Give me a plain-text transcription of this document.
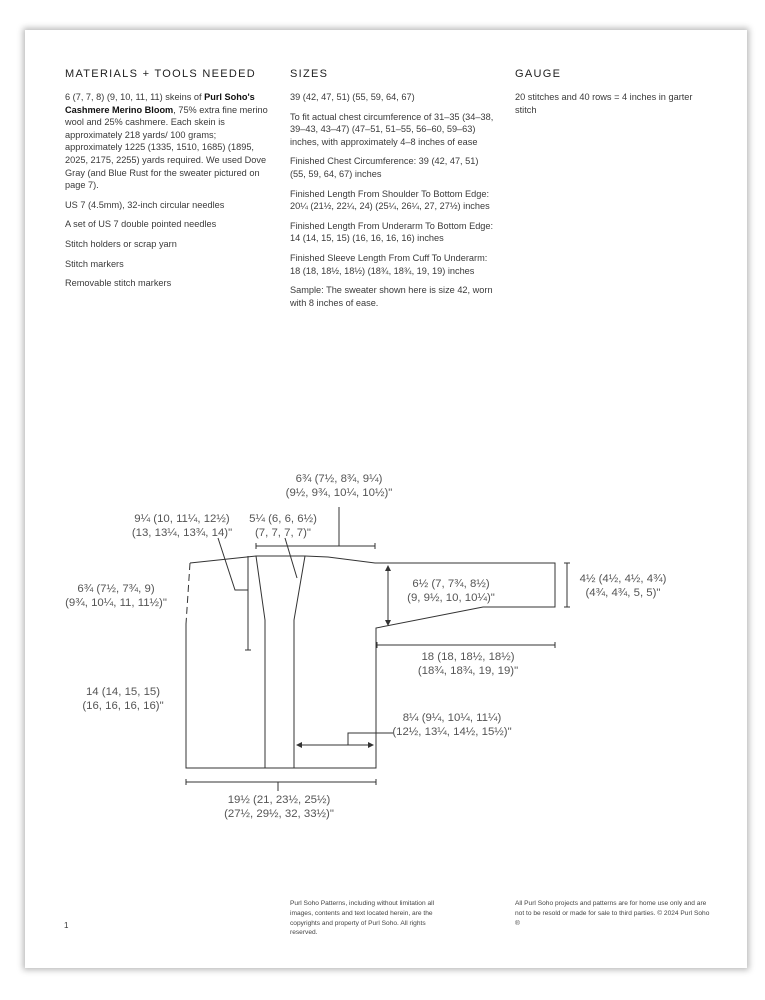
MATERIALS + TOOLS NEEDED
6 (7, 7, 8) (9, 10, 11, 11) skeins of Purl Soho's Cashmere Merino Bloom, 75% extra fine merino wool and 25% cashmere. Each skein is approximately 218 yards/ 100 grams; approximately 1225 (1335, 1510, 1685) (1895, 2025, 2175, 2255) yards required. We used Dove Gray (and Blue Rust for the sweater pictured on page 7).
US 7 (4.5mm), 32-inch circular needles
A set of US 7 double pointed needles
Stitch holders or scrap yarn
Stitch markers
Removable stitch markers
SIZES
39 (42, 47, 51) (55, 59, 64, 67)
To fit actual chest circumference of 31–35 (34–38, 39–43, 43–47) (47–51, 51–55, 56–60, 59–63) inches, with approximately 4–8 inches of ease
Finished Chest Circumference: 39 (42, 47, 51) (55, 59, 64, 67) inches
Finished Length From Shoulder To Bottom Edge: 20¼ (21½, 22¼, 24) (25¼, 26¼, 27, 27½) inches
Finished Length From Underarm To Bottom Edge: 14 (14, 15, 15) (16, 16, 16, 16) inches
Finished Sleeve Length From Cuff To Underarm: 18 (18, 18½, 18½) (18¾, 18¾, 19, 19) inches
Sample: The sweater shown here is size 42, worn with 8 inches of ease.
GAUGE
20 stitches and 40 rows = 4 inches in garter stitch
6¾ (7½, 8¾, 9¼)
(9½, 9¾, 10¼, 10½)"
9¼ (10, 11¼, 12½)
(13, 13¼, 13¾, 14)"
5¼ (6, 6, 6½)
(7, 7, 7, 7)"
6¾ (7½, 7¾, 9)
(9¾, 10¼, 11, 11½)"
6½ (7, 7¾, 8½)
(9, 9½, 10, 10¼)"
4½ (4½, 4½, 4¾)
(4¾, 4¾, 5, 5)"
18 (18, 18½, 18½)
(18¾, 18¾, 19, 19)"
14 (14, 15, 15)
(16, 16, 16, 16)"
8¼ (9¼, 10¼, 11¼)
(12½, 13¼, 14½, 15½)"
19½ (21, 23½, 25½)
(27½, 29½, 32, 33½)"
Purl Soho Patterns, including without limitation all images, contents and text located herein, are the copyrights and property of Purl Soho. All rights reserved.
All Purl Soho projects and patterns are for home use only and are not to be resold or made for sale to third parties. © 2024 Purl Soho ®
1
